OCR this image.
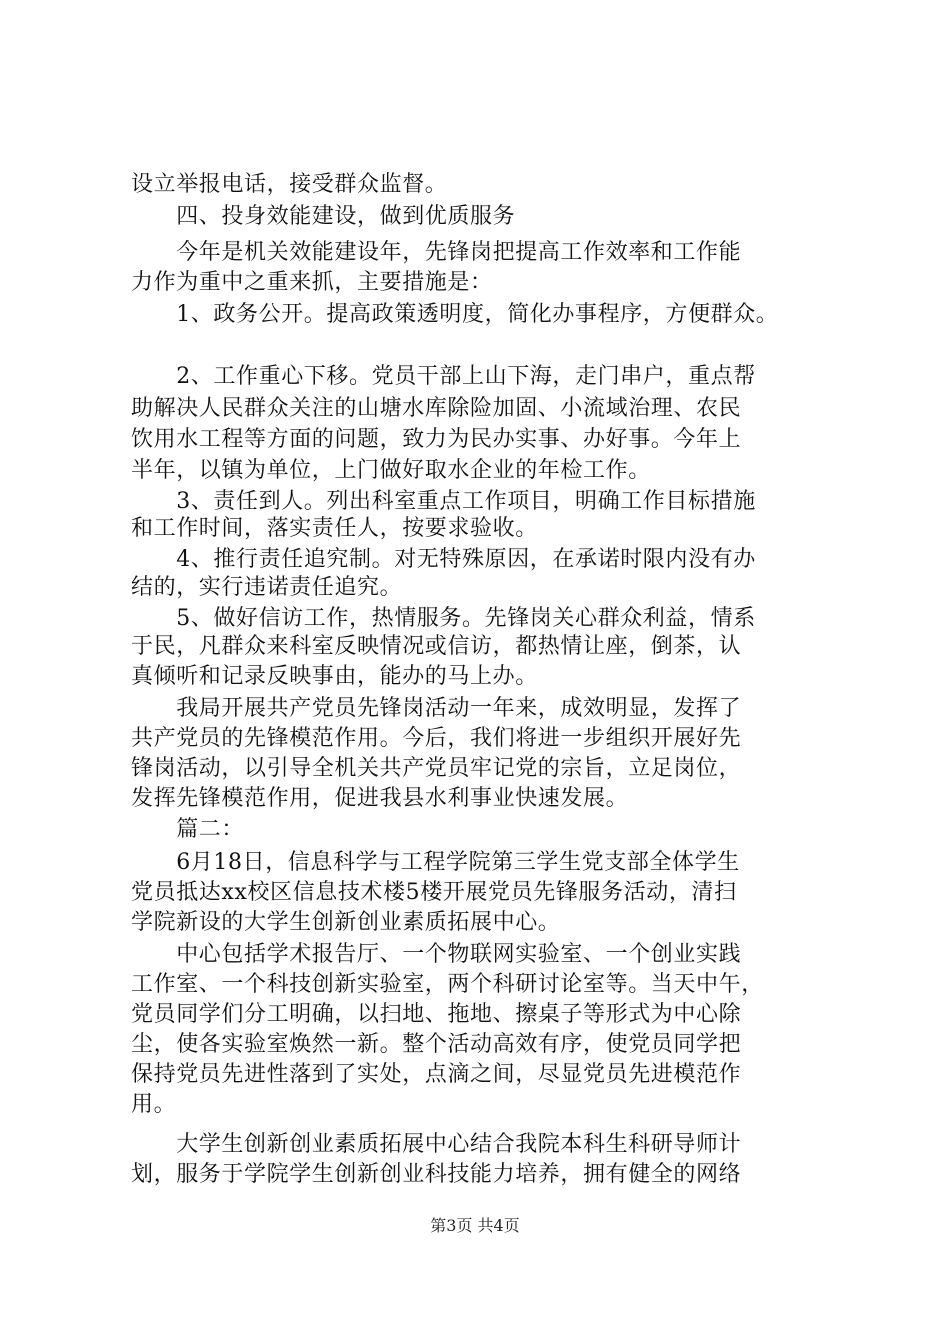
设立举报电话，接受群众监督。
　　四、投身效能建设，做到优质服务
　　今年是机关效能建设年，先锋岗把提高工作效率和工作能
力作为重中之重来抓，主要措施是：
　　1、政务公开。提高政策透明度，简化办事程序，方便群众。
　　2、工作重心下移。党员干部上山下海，走门串户，重点帮
助解决人民群众关注的山塘水库除险加固、小流域治理、农民
饮用水工程等方面的问题，致力为民办实事、办好事。今年上
半年，以镇为单位，上门做好取水企业的年检工作。
　　3、责任到人。列出科室重点工作项目，明确工作目标措施
和工作时间，落实责任人，按要求验收。
　　4、推行责任追究制。对无特殊原因，在承诺时限内没有办
结的，实行违诺责任追究。
　　5、做好信访工作，热情服务。先锋岗关心群众利益，情系
于民，凡群众来科室反映情况或信访，都热情让座，倒茶，认
真倾听和记录反映事由，能办的马上办。
　　我局开展共产党员先锋岗活动一年来，成效明显，发挥了
共产党员的先锋模范作用。今后，我们将进一步组织开展好先
锋岗活动，以引导全机关共产党员牢记党的宗旨，立足岗位，
发挥先锋模范作用，促进我县水利事业快速发展。
　　篇二：
　　6月18日，信息科学与工程学院第三学生党支部全体学生
党员抵达xx校区信息技术楼5楼开展党员先锋服务活动，清扫
学院新设的大学生创新创业素质拓展中心。
　　中心包括学术报告厅、一个物联网实验室、一个创业实践
工作室、一个科技创新实验室，两个科研讨论室等。当天中午，
党员同学们分工明确，以扫地、拖地、擦桌子等形式为中心除
尘，使各实验室焕然一新。整个活动高效有序，使党员同学把
保持党员先进性落到了实处，点滴之间，尽显党员先进模范作
用。
　　大学生创新创业素质拓展中心结合我院本科生科研导师计
划，服务于学院学生创新创业科技能力培养，拥有健全的网络
第3页 共4页
